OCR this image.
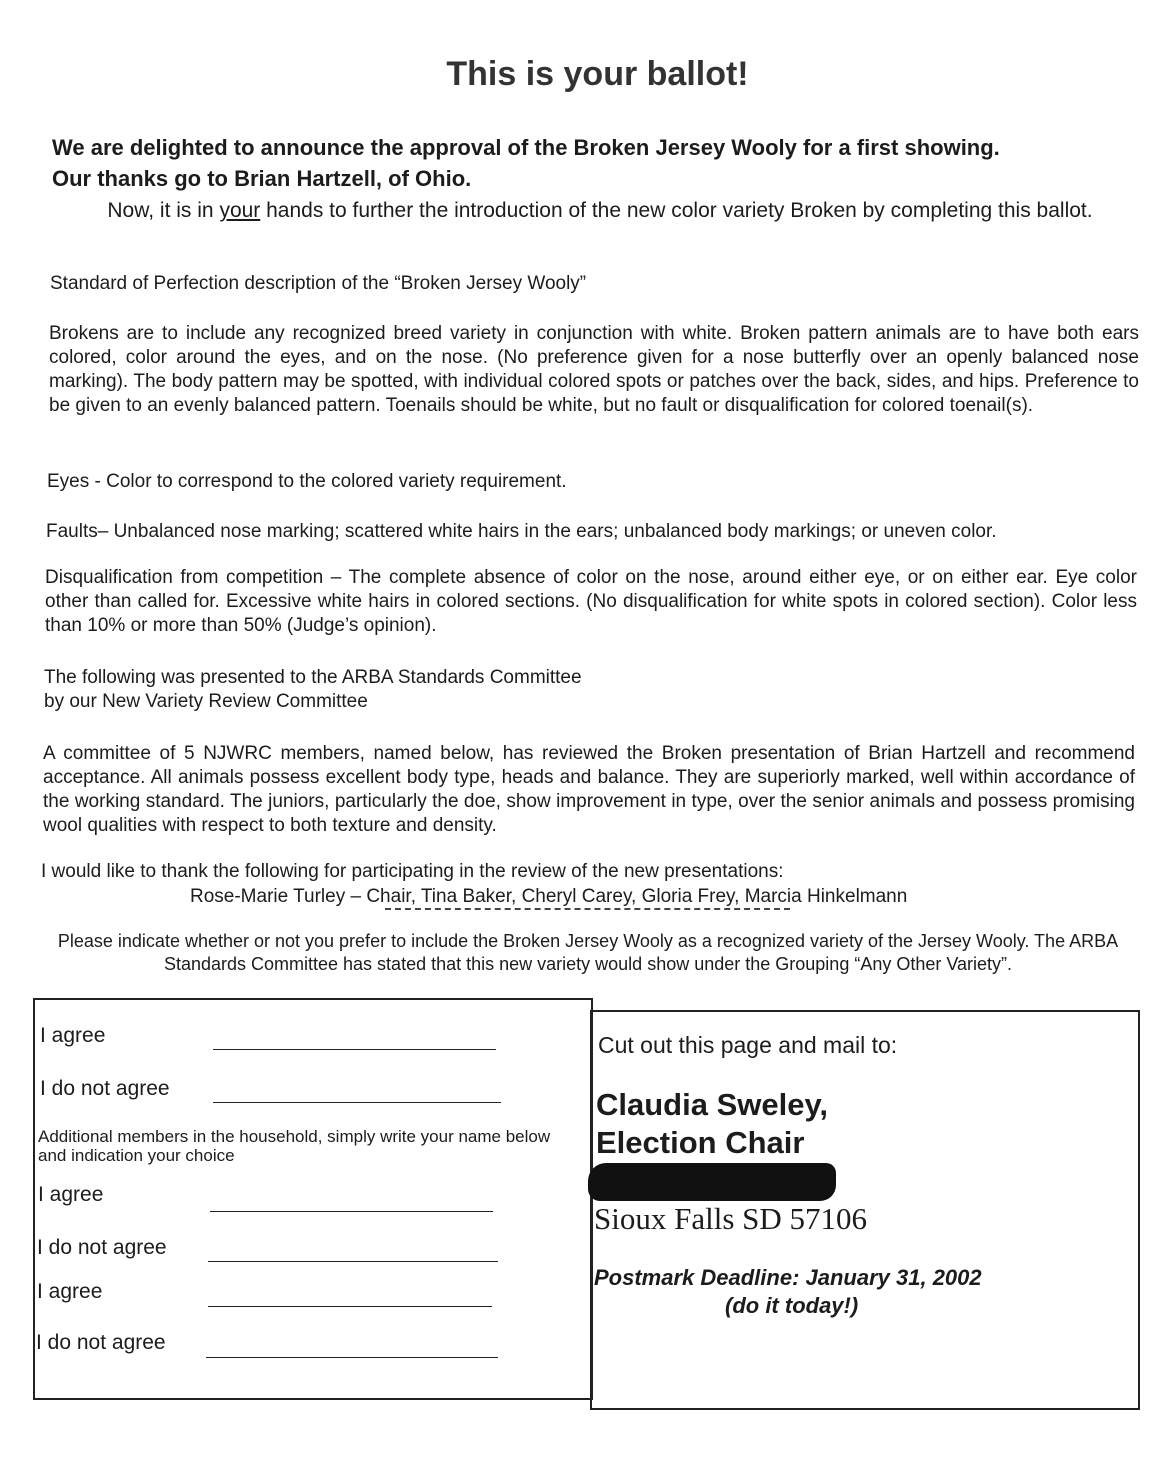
This is your ballot!
We are delighted to announce the approval of the Broken Jersey Wooly for a first showing.
Our thanks go to Brian Hartzell, of Ohio.
Now, it is in your hands to further the introduction of the new color variety Broken by completing this ballot.
Standard of Perfection description of the “Broken Jersey Wooly”
Brokens are to include any recognized breed variety in conjunction with white. Broken pattern animals are to have both ears colored, color around the eyes, and on the nose. (No preference given for a nose butterfly over an openly balanced nose marking). The body pattern may be spotted, with individual colored spots or patches over the back, sides, and hips. Preference to be given to an evenly balanced pattern. Toenails should be white, but no fault or disqualification for colored toenail(s).
Eyes - Color to correspond to the colored variety requirement.
Faults– Unbalanced nose marking; scattered white hairs in the ears; unbalanced body markings; or uneven color.
Disqualification from competition – The complete absence of color on the nose, around either eye, or on either ear. Eye color other than called for. Excessive white hairs in colored sections. (No disqualification for white spots in colored section). Color less than 10% or more than 50% (Judge’s opinion).
The following was presented to the ARBA Standards Committee
by our New Variety Review Committee
A committee of 5 NJWRC members, named below, has reviewed the Broken presentation of Brian Hartzell and recommend acceptance. All animals possess excellent body type, heads and balance. They are superiorly marked, well within accordance of the working standard. The juniors, particularly the doe, show improvement in type, over the senior animals and possess promising wool qualities with respect to both texture and density.
I would like to thank the following for participating in the review of the new presentations:
Rose-Marie Turley – Chair, Tina Baker, Cheryl Carey, Gloria Frey, Marcia Hinkelmann
Please indicate whether or not you prefer to include the Broken Jersey Wooly as a recognized variety of the Jersey Wooly. The ARBA Standards Committee has stated that this new variety would show under the Grouping “Any Other Variety”.
I agree
I do not agree
Additional members in the household, simply write your name below and indication your choice
I agree
I do not agree
I agree
I do not agree
Cut out this page and mail to:
Claudia Sweley,
Election Chair
Sioux Falls SD 57106
Postmark Deadline: January 31, 2002
(do it today!)
